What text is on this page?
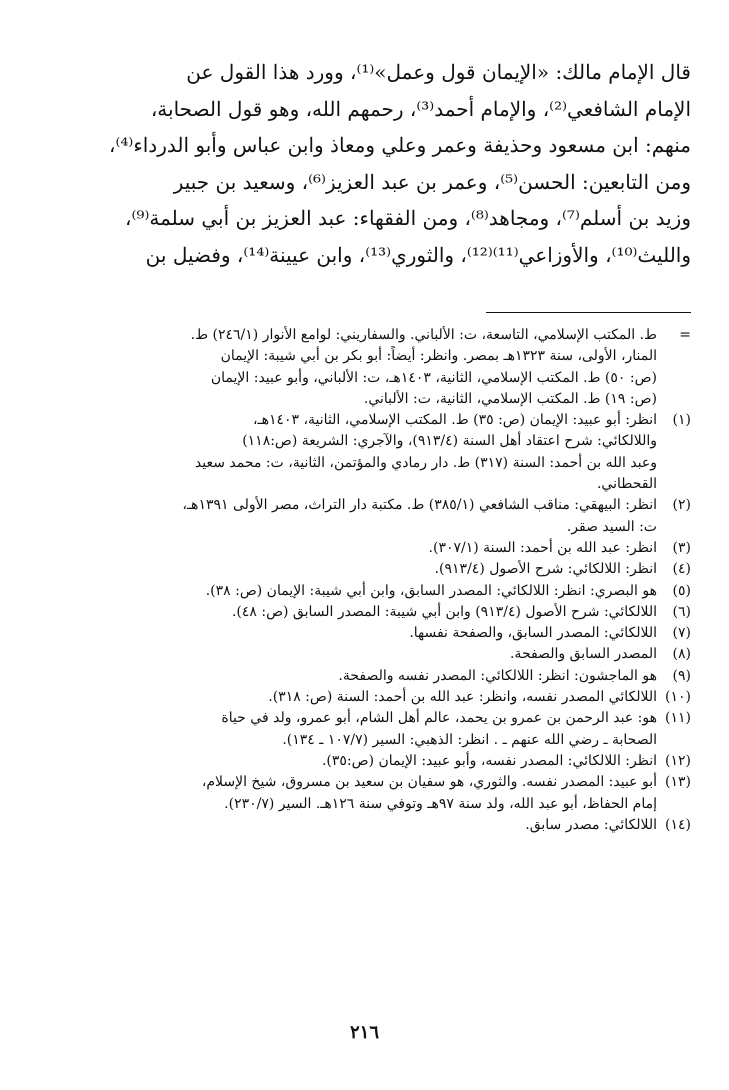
قال الإمام مالك: «الإيمان قول وعمل»⁽¹⁾، وورد هذا القول عن
الإمام الشافعي⁽²⁾، والإمام أحمد⁽³⁾، رحمهم الله، وهو قول الصحابة،
منهم: ابن مسعود وحذيفة وعمر وعلي ومعاذ وابن عباس وأبو الدرداء⁽⁴⁾،
ومن التابعين: الحسن⁽⁵⁾، وعمر بن عبد العزيز⁽⁶⁾، وسعيد بن جبير
وزيد بن أسلم⁽⁷⁾، ومجاهد⁽⁸⁾، ومن الفقهاء: عبد العزيز بن أبي سلمة⁽⁹⁾،
والليث⁽¹⁰⁾، والأوزاعي⁽¹¹⁾⁽¹²⁾، والثوري⁽¹³⁾، وابن عيينة⁽¹⁴⁾، وفضيل بن
=
ط. المكتب الإسلامي، التاسعة، ت: الألباني. والسفاريني: لوامع الأنوار (٢٤٦/١) ط.
المنار، الأولى، سنة ١٣٢٣هـ بمصر. وانظر: أيضاً: أبو بكر بن أبي شيبة: الإيمان
(ص: ٥٠) ط. المكتب الإسلامي، الثانية، ١٤٠٣هـ، ت: الألباني، وأبو عبيد: الإيمان
(ص: ١٩) ط. المكتب الإسلامي، الثانية، ت: الألباني.
(١)
انظر: أبو عبيد: الإيمان (ص: ٣٥) ط. المكتب الإسلامي، الثانية، ١٤٠٣هـ،
واللالكائي: شرح اعتقاد أهل السنة (٩١٣/٤)، والآجري: الشريعة (ص:١١٨)
وعبد الله بن أحمد: السنة (٣١٧) ط. دار رمادي والمؤتمن، الثانية، ت: محمد سعيد
القحطاني.
(٢)
انظر: البيهقي: مناقب الشافعي (٣٨٥/١) ط. مكتبة دار التراث، مصر الأولى ١٣٩١هـ،
ت: السيد صقر.
(٣)
انظر: عبد الله بن أحمد: السنة (٣٠٧/١).
(٤)
انظر: اللالكائي: شرح الأصول (٩١٣/٤).
(٥)
هو البصري: انظر: اللالكائي: المصدر السابق، وابن أبي شيبة: الإيمان (ص: ٣٨).
(٦)
اللالكائي: شرح الأصول (٩١٣/٤) وابن أبي شيبة: المصدر السابق (ص: ٤٨).
(٧)
اللالكائي: المصدر السابق، والصفحة نفسها.
(٨)
المصدر السابق والصفحة.
(٩)
هو الماجشون: انظر: اللالكائي: المصدر نفسه والصفحة.
(١٠)
اللالكائي المصدر نفسه، وانظر: عبد الله بن أحمد: السنة (ص: ٣١٨).
(١١)
هو: عبد الرحمن بن عمرو بن يحمد، عالم أهل الشام، أبو عمرو، ولد في حياة
الصحابة ـ رضي الله عنهم ـ . انظر: الذهبي: السير (١٠٧/٧ ـ ١٣٤).
(١٢)
انظر: اللالكائي: المصدر نفسه، وأبو عبيد: الإيمان (ص:٣٥).
(١٣)
أبو عبيد: المصدر نفسه. والثوري، هو سفيان بن سعيد بن مسروق، شيخ الإسلام،
إمام الحفاظ، أبو عبد الله، ولد سنة ٩٧هـ وتوفي سنة ١٢٦هـ. السير (٢٣٠/٧).
(١٤)
اللالكائي: مصدر سابق.
٢١٦
